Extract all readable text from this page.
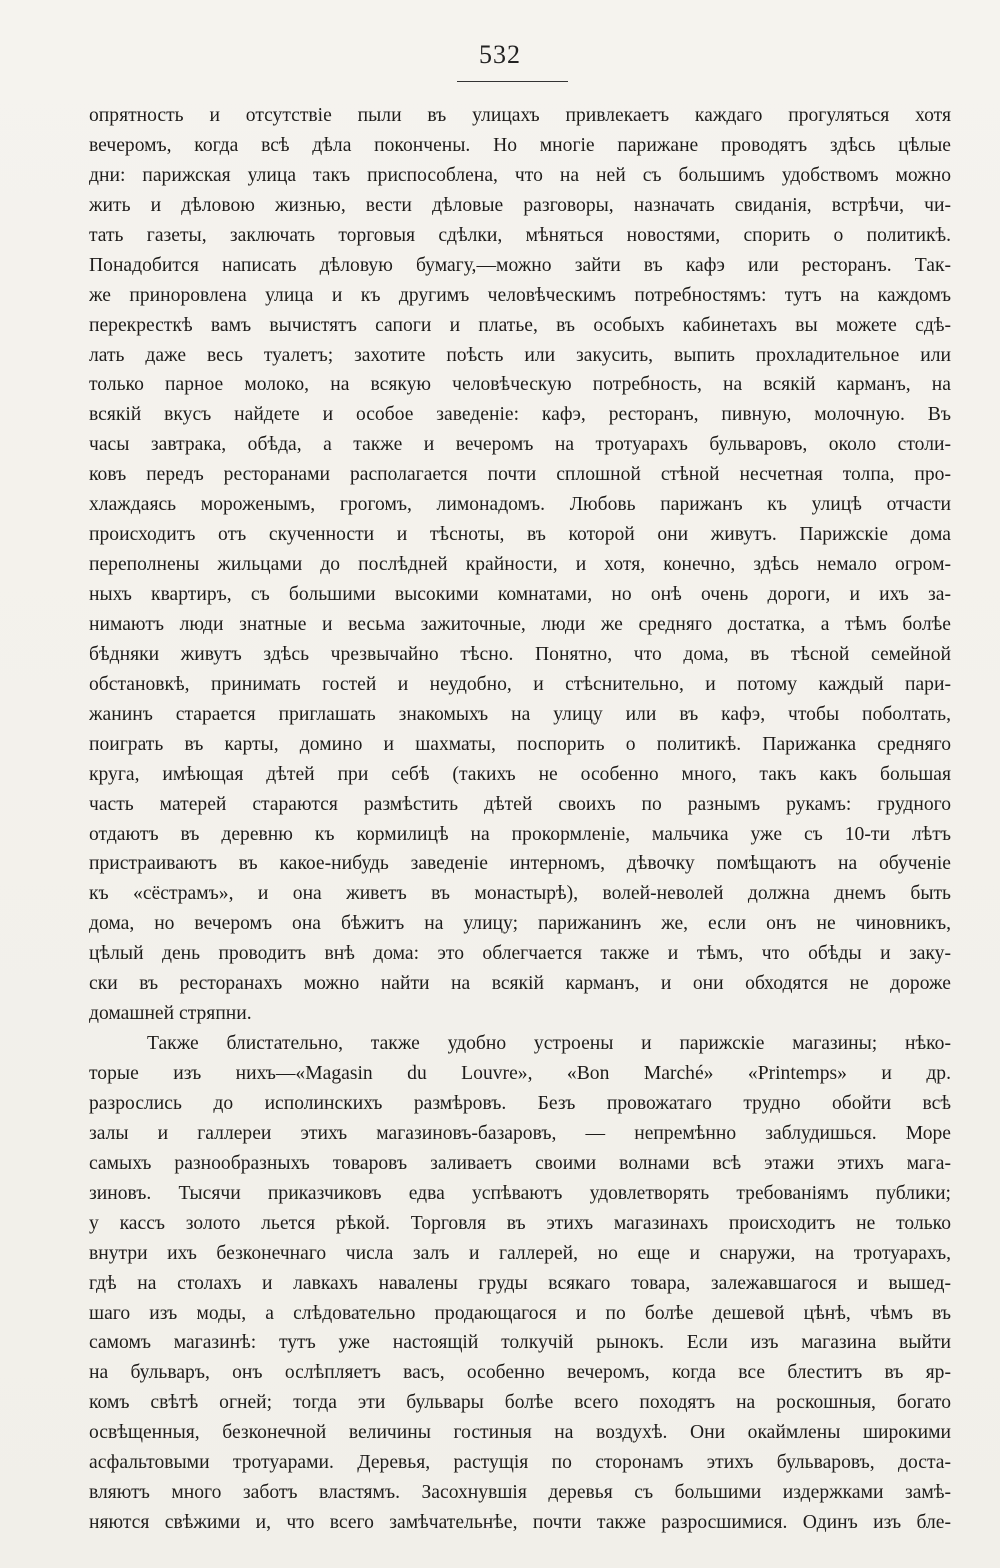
532
опрятность и отсутствіе пыли въ улицахъ привлекаетъ каждаго прогуляться хотя
вечеромъ, когда всѣ дѣла покончены. Но многіе парижане проводятъ здѣсь цѣлые
дни: парижская улица такъ приспособлена, что на ней съ большимъ удобствомъ можно
жить и дѣловою жизнью, вести дѣловые разговоры, назначать свиданія, встрѣчи, чи-
тать газеты, заключать торговыя сдѣлки, мѣняться новостями, спорить о политикѣ.
Понадобится написать дѣловую бумагу,—можно зайти въ кафэ или ресторанъ. Так-
же приноровлена улица и къ другимъ человѣческимъ потребностямъ: тутъ на каждомъ
перекресткѣ вамъ вычистятъ сапоги и платье, въ особыхъ кабинетахъ вы можете сдѣ-
лать даже весь туалетъ; захотите поѣсть или закусить, выпить прохладительное или
только парное молоко, на всякую человѣческую потребность, на всякій карманъ, на
всякій вкусъ найдете и особое заведеніе: кафэ, ресторанъ, пивную, молочную. Въ
часы завтрака, обѣда, а также и вечеромъ на тротуарахъ бульваровъ, около столи-
ковъ передъ ресторанами располагается почти сплошной стѣной несчетная толпа, про-
хлаждаясь мороженымъ, грогомъ, лимонадомъ. Любовь парижанъ къ улицѣ отчасти
происходитъ отъ скученности и тѣсноты, въ которой они живутъ. Парижскіе дома
переполнены жильцами до послѣдней крайности, и хотя, конечно, здѣсь немало огром-
ныхъ квартиръ, съ большими высокими комнатами, но онѣ очень дороги, и ихъ за-
нимаютъ люди знатные и весьма зажиточные, люди же средняго достатка, а тѣмъ болѣе
бѣдняки живутъ здѣсь чрезвычайно тѣсно. Понятно, что дома, въ тѣсной семейной
обстановкѣ, принимать гостей и неудобно, и стѣснительно, и потому каждый пари-
жанинъ старается приглашать знакомыхъ на улицу или въ кафэ, чтобы поболтать,
поиграть въ карты, домино и шахматы, поспорить о политикѣ. Парижанка средняго
круга, имѣющая дѣтей при себѣ (такихъ не особенно много, такъ какъ большая
часть матерей стараются размѣстить дѣтей своихъ по разнымъ рукамъ: грудного
отдаютъ въ деревню къ кормилицѣ на прокормленіе, мальчика уже съ 10-ти лѣтъ
пристраиваютъ въ какое-нибудь заведеніе интерномъ, дѣвочку помѣщаютъ на обученіе
къ «сёстрамъ», и она живетъ въ монастырѣ), волей-неволей должна днемъ быть
дома, но вечеромъ она бѣжитъ на улицу; парижанинъ же, если онъ не чиновникъ,
цѣлый день проводитъ внѣ дома: это облегчается также и тѣмъ, что обѣды и заку-
ски въ ресторанахъ можно найти на всякій карманъ, и они обходятся не дороже
домашней стряпни.
Также блистательно, также удобно устроены и парижскіе магазины; нѣко-
торые изъ нихъ—«Magasin du Louvre», «Bon Marché» «Printemps» и др.
разрослись до исполинскихъ размѣровъ. Безъ провожатаго трудно обойти всѣ
залы и галлереи этихъ магазиновъ-базаровъ, — непремѣнно заблудишься. Море
самыхъ разнообразныхъ товаровъ заливаетъ своими волнами всѣ этажи этихъ мага-
зиновъ. Тысячи приказчиковъ едва успѣваютъ удовлетворять требованіямъ публики;
у кассъ золото льется рѣкой. Торговля въ этихъ магазинахъ происходитъ не только
внутри ихъ безконечнаго числа залъ и галлерей, но еще и снаружи, на тротуарахъ,
гдѣ на столахъ и лавкахъ навалены груды всякаго товара, залежавшагося и вышед-
шаго изъ моды, а слѣдовательно продающагося и по болѣе дешевой цѣнѣ, чѣмъ въ
самомъ магазинѣ: тутъ уже настоящій толкучій рынокъ. Если изъ магазина выйти
на бульваръ, онъ ослѣпляетъ васъ, особенно вечеромъ, когда все блеститъ въ яр-
комъ свѣтѣ огней; тогда эти бульвары болѣе всего походятъ на роскошныя, богато
освѣщенныя, безконечной величины гостиныя на воздухѣ. Они окаймлены широкими
асфальтовыми тротуарами. Деревья, растущія по сторонамъ этихъ бульваровъ, доста-
вляютъ много заботъ властямъ. Засохнувшія деревья съ большими издержками замѣ-
няются свѣжими и, что всего замѣчательнѣе, почти также разросшимися. Одинъ изъ бле-
